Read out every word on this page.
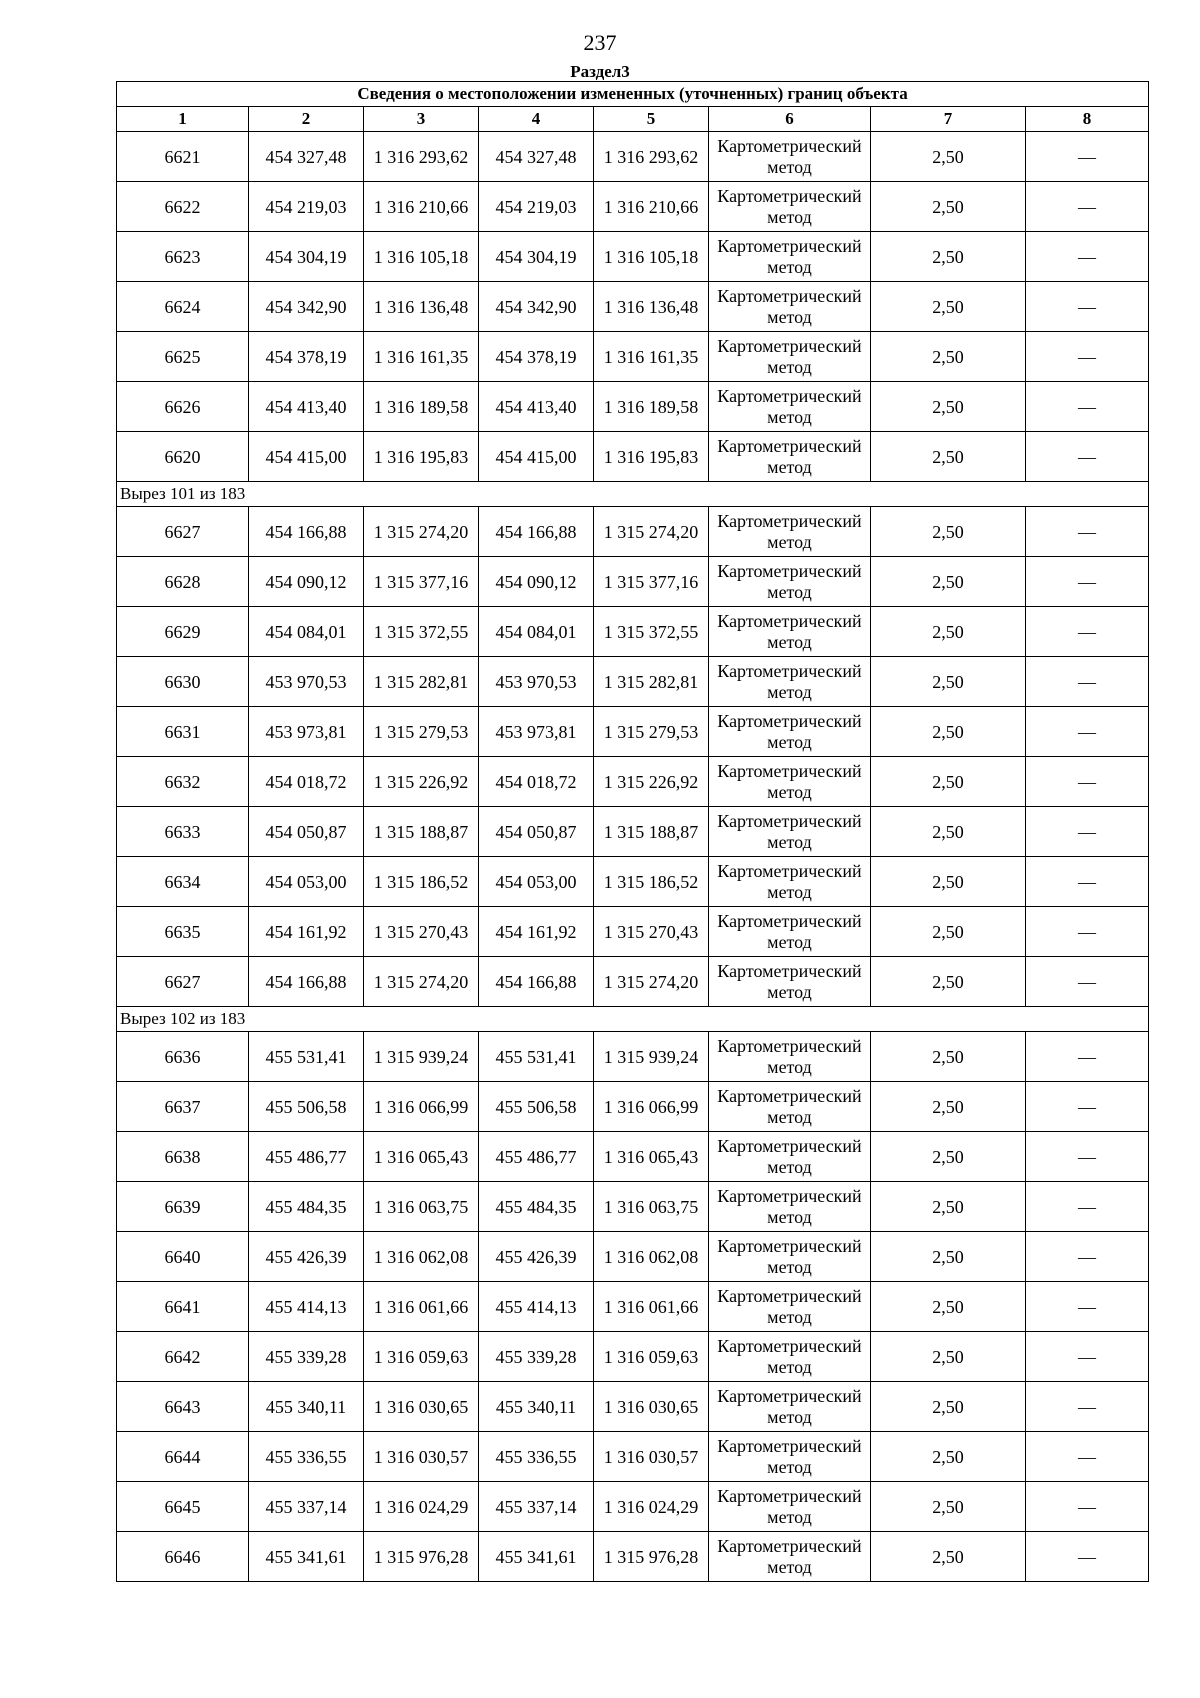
237
Раздел3
Сведения о местоположении измененных (уточненных) границ объекта							
1	2	3	4	5	6	7	8
6621	454 327,48	1 316 293,62	454 327,48	1 316 293,62	Картометрический метод	2,50	—
6622	454 219,03	1 316 210,66	454 219,03	1 316 210,66	Картометрический метод	2,50	—
6623	454 304,19	1 316 105,18	454 304,19	1 316 105,18	Картометрический метод	2,50	—
6624	454 342,90	1 316 136,48	454 342,90	1 316 136,48	Картометрический метод	2,50	—
6625	454 378,19	1 316 161,35	454 378,19	1 316 161,35	Картометрический метод	2,50	—
6626	454 413,40	1 316 189,58	454 413,40	1 316 189,58	Картометрический метод	2,50	—
6620	454 415,00	1 316 195,83	454 415,00	1 316 195,83	Картометрический метод	2,50	—
Вырез 101 из 183							
6627	454 166,88	1 315 274,20	454 166,88	1 315 274,20	Картометрический метод	2,50	—
6628	454 090,12	1 315 377,16	454 090,12	1 315 377,16	Картометрический метод	2,50	—
6629	454 084,01	1 315 372,55	454 084,01	1 315 372,55	Картометрический метод	2,50	—
6630	453 970,53	1 315 282,81	453 970,53	1 315 282,81	Картометрический метод	2,50	—
6631	453 973,81	1 315 279,53	453 973,81	1 315 279,53	Картометрический метод	2,50	—
6632	454 018,72	1 315 226,92	454 018,72	1 315 226,92	Картометрический метод	2,50	—
6633	454 050,87	1 315 188,87	454 050,87	1 315 188,87	Картометрический метод	2,50	—
6634	454 053,00	1 315 186,52	454 053,00	1 315 186,52	Картометрический метод	2,50	—
6635	454 161,92	1 315 270,43	454 161,92	1 315 270,43	Картометрический метод	2,50	—
6627	454 166,88	1 315 274,20	454 166,88	1 315 274,20	Картометрический метод	2,50	—
Вырез 102 из 183							
6636	455 531,41	1 315 939,24	455 531,41	1 315 939,24	Картометрический метод	2,50	—
6637	455 506,58	1 316 066,99	455 506,58	1 316 066,99	Картометрический метод	2,50	—
6638	455 486,77	1 316 065,43	455 486,77	1 316 065,43	Картометрический метод	2,50	—
6639	455 484,35	1 316 063,75	455 484,35	1 316 063,75	Картометрический метод	2,50	—
6640	455 426,39	1 316 062,08	455 426,39	1 316 062,08	Картометрический метод	2,50	—
6641	455 414,13	1 316 061,66	455 414,13	1 316 061,66	Картометрический метод	2,50	—
6642	455 339,28	1 316 059,63	455 339,28	1 316 059,63	Картометрический метод	2,50	—
6643	455 340,11	1 316 030,65	455 340,11	1 316 030,65	Картометрический метод	2,50	—
6644	455 336,55	1 316 030,57	455 336,55	1 316 030,57	Картометрический метод	2,50	—
6645	455 337,14	1 316 024,29	455 337,14	1 316 024,29	Картометрический метод	2,50	—
6646	455 341,61	1 315 976,28	455 341,61	1 315 976,28	Картометрический метод	2,50	—
